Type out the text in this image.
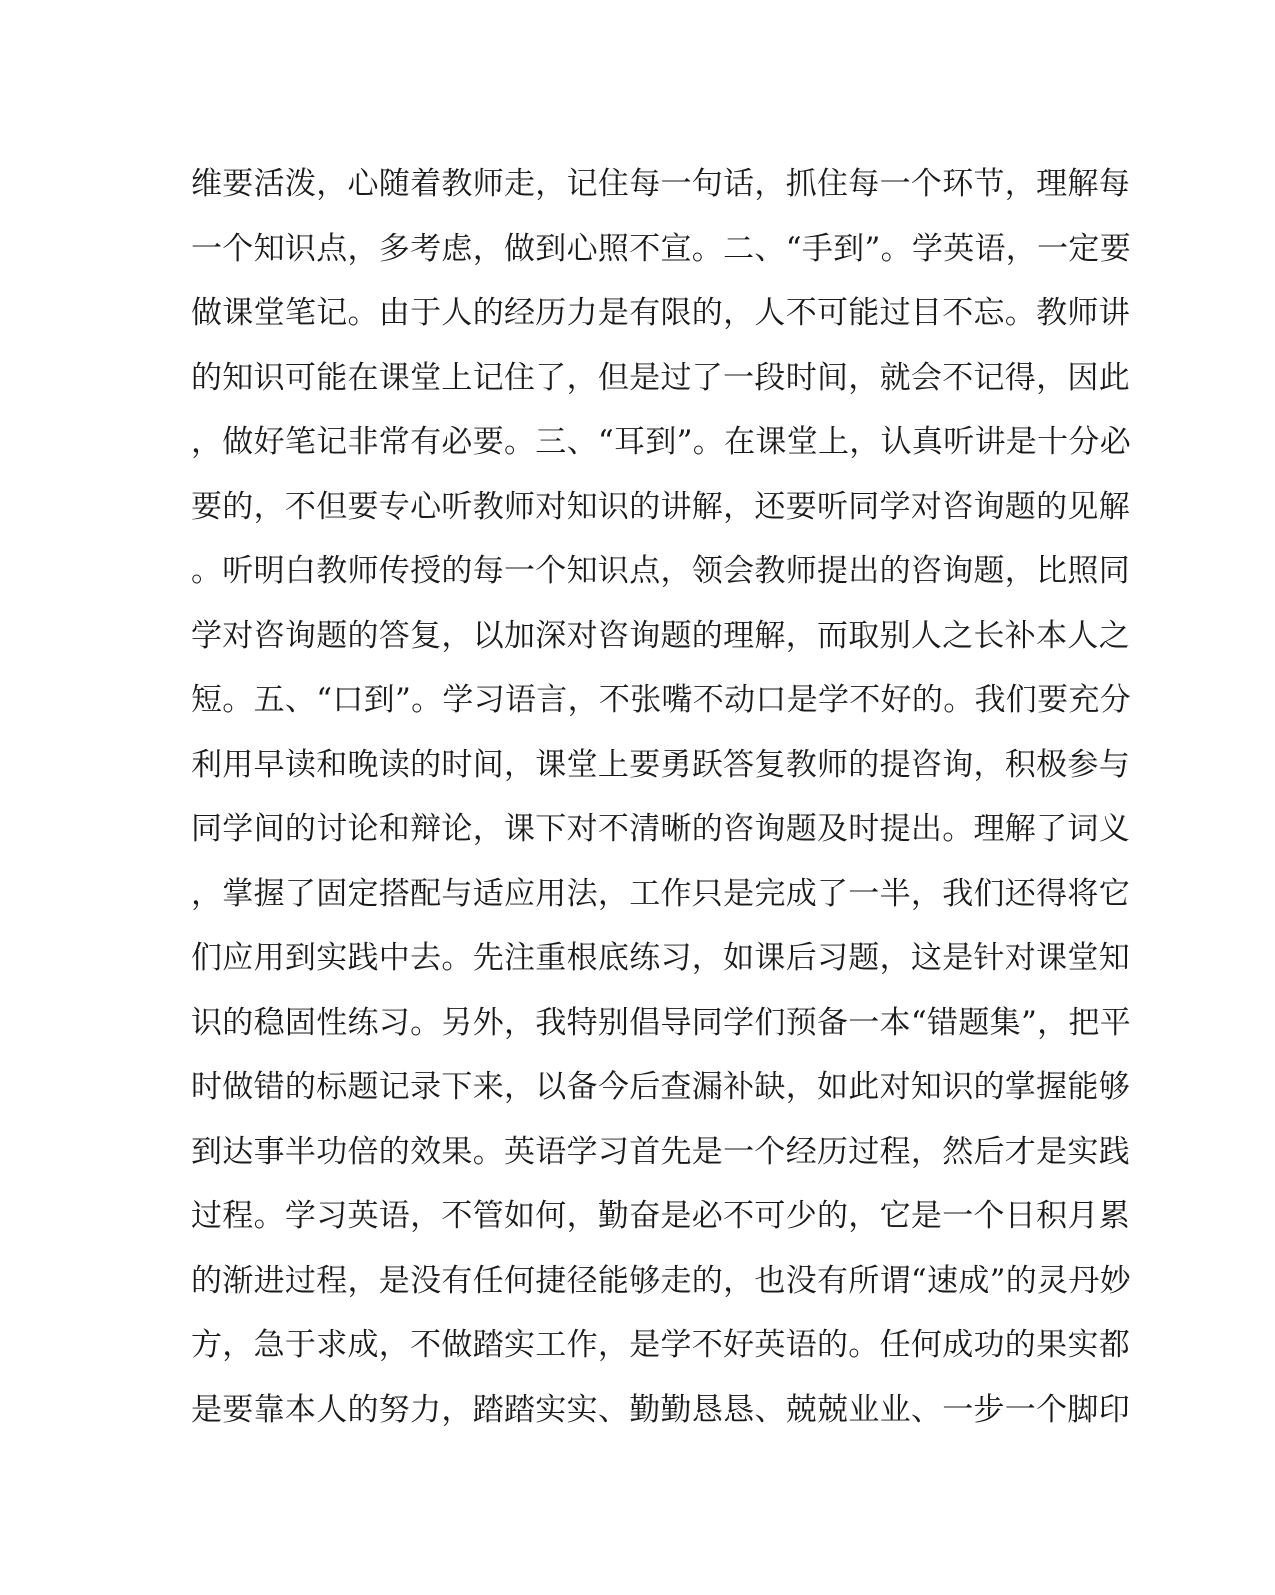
维要活泼，心随着教师走，记住每一句话，抓住每一个环节，理解每
一个知识点，多考虑，做到心照不宣。二、“手到”。学英语，一定要
做课堂笔记。由于人的经历力是有限的，人不可能过目不忘。教师讲
的知识可能在课堂上记住了，但是过了一段时间，就会不记得，因此
，做好笔记非常有必要。三、“耳到”。在课堂上，认真听讲是十分必
要的，不但要专心听教师对知识的讲解，还要听同学对咨询题的见解
。听明白教师传授的每一个知识点，领会教师提出的咨询题，比照同
学对咨询题的答复，以加深对咨询题的理解，而取别人之长补本人之
短。五、“口到”。学习语言，不张嘴不动口是学不好的。我们要充分
利用早读和晚读的时间，课堂上要勇跃答复教师的提咨询，积极参与
同学间的讨论和辩论，课下对不清晰的咨询题及时提出。理解了词义
，掌握了固定搭配与适应用法，工作只是完成了一半，我们还得将它
们应用到实践中去。先注重根底练习，如课后习题，这是针对课堂知
识的稳固性练习。另外，我特别倡导同学们预备一本“错题集”，把平
时做错的标题记录下来，以备今后查漏补缺，如此对知识的掌握能够
到达事半功倍的效果。英语学习首先是一个经历过程，然后才是实践
过程。学习英语，不管如何，勤奋是必不可少的，它是一个日积月累
的渐进过程，是没有任何捷径能够走的，也没有所谓“速成”的灵丹妙
方，急于求成，不做踏实工作，是学不好英语的。任何成功的果实都
是要靠本人的努力，踏踏实实、勤勤恳恳、兢兢业业、一步一个脚印
